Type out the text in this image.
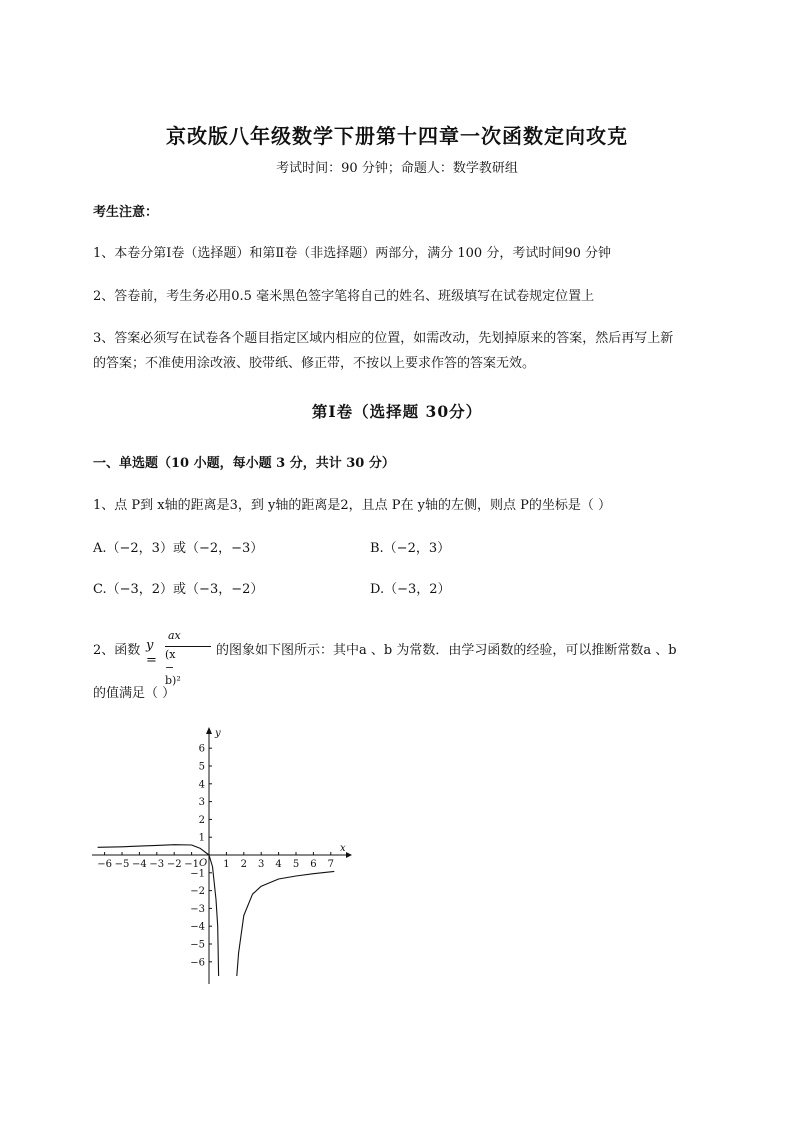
京改版八年级数学下册第十四章一次函数定向攻克
考试时间：90 分钟；命题人：数学教研组
考生注意：
1、本卷分第Ⅰ卷（选择题）和第Ⅱ卷（非选择题）两部分，满分 100 分，考试时间90 分钟
2、答卷前，考生务必用0.5 毫米黑色签字笔将自己的姓名、班级填写在试卷规定位置上
3、答案必须写在试卷各个题目指定区域内相应的位置，如需改动，先划掉原来的答案，然后再写上新
的答案；不准使用涂改液、胶带纸、修正带，不按以上要求作答的答案无效。
第Ⅰ卷（选择题 30分）
一、单选题（10 小题，每小题 3 分，共计 30 分）
1、点 P到 x轴的距离是3，到 y轴的距离是2，且点 P在 y轴的左侧，则点 P的坐标是（ ）
A.（−2，3）或（−2，−3）	B.（−2，3）
C.（−3，2）或（−3，−2）	D.（−3，2）
2、函数 y =
ax
(x − b)²
的图象如下图所示：其中a 、b 为常数．由学习函数的经验，可以推断常数a 、b
的值满足（ ）
x
y
O
−6 −5 −4 −3 −2 −1 1 2 3 4 5 6 7
6
5
4
3
2
1
−1
−2
−3
−4
−5
−6
